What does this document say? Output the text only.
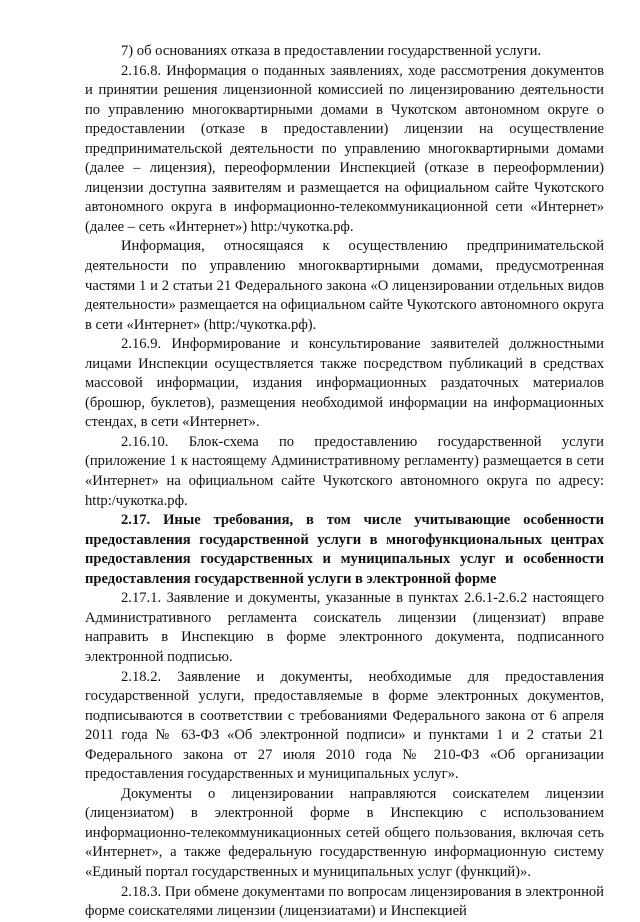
7) об основаниях отказа в предоставлении государственной услуги.

2.16.8. Информация о поданных заявлениях, ходе рассмотрения документов и принятии решения лицензионной комиссией по лицензированию деятельности по управлению многоквартирными домами в Чукотском автономном округе о предоставлении (отказе в предоставлении) лицензии на осуществление предпринимательской деятельности по управлению многоквартирными домами (далее – лицензия), переоформлении Инспекцией (отказе в переоформлении) лицензии доступна заявителям и размещается на официальном сайте Чукотского автономного округа в информационно-телекоммуникационной сети «Интернет» (далее – сеть «Интернет») http:/чукотка.рф.

Информация, относящаяся к осуществлению предпринимательской деятельности по управлению многоквартирными домами, предусмотренная частями 1 и 2 статьи 21 Федерального закона «О лицензировании отдельных видов деятельности» размещается на официальном сайте Чукотского автономного округа в сети «Интернет» (http:/чукотка.рф).

2.16.9. Информирование и консультирование заявителей должностными лицами Инспекции осуществляется также посредством публикаций в средствах массовой информации, издания информационных раздаточных материалов (брошюр, буклетов), размещения необходимой информации на информационных стендах, в сети «Интернет».

2.16.10. Блок-схема по предоставлению государственной услуги (приложение 1 к настоящему Административному регламенту) размещается в сети «Интернет» на официальном сайте Чукотского автономного округа по адресу: http:/чукотка.рф.

2.17. Иные требования, в том числе учитывающие особенности предоставления государственной услуги в многофункциональных центрах предоставления государственных и муниципальных услуг и особенности предоставления государственной услуги в электронной форме

2.17.1. Заявление и документы, указанные в пунктах 2.6.1-2.6.2 настоящего Административного регламента соискатель лицензии (лицензиат) вправе направить в Инспекцию в форме электронного документа, подписанного электронной подписью.

2.18.2. Заявление и документы, необходимые для предоставления государственной услуги, предоставляемые в форме электронных документов, подписываются в соответствии с требованиями Федерального закона от 6 апреля 2011 года № 63-ФЗ «Об электронной подписи» и пунктами 1 и 2 статьи 21 Федерального закона от 27 июля 2010 года № 210-ФЗ «Об организации предоставления государственных и муниципальных услуг».

Документы о лицензировании направляются соискателем лицензии (лицензиатом) в электронной форме в Инспекцию с использованием информационно-телекоммуникационных сетей общего пользования, включая сеть «Интернет», а также федеральную государственную информационную систему «Единый портал государственных и муниципальных услуг (функций)».

2.18.3. При обмене документами по вопросам лицензирования в электронной форме соискателями лицензии (лицензиатами) и Инспекцией
